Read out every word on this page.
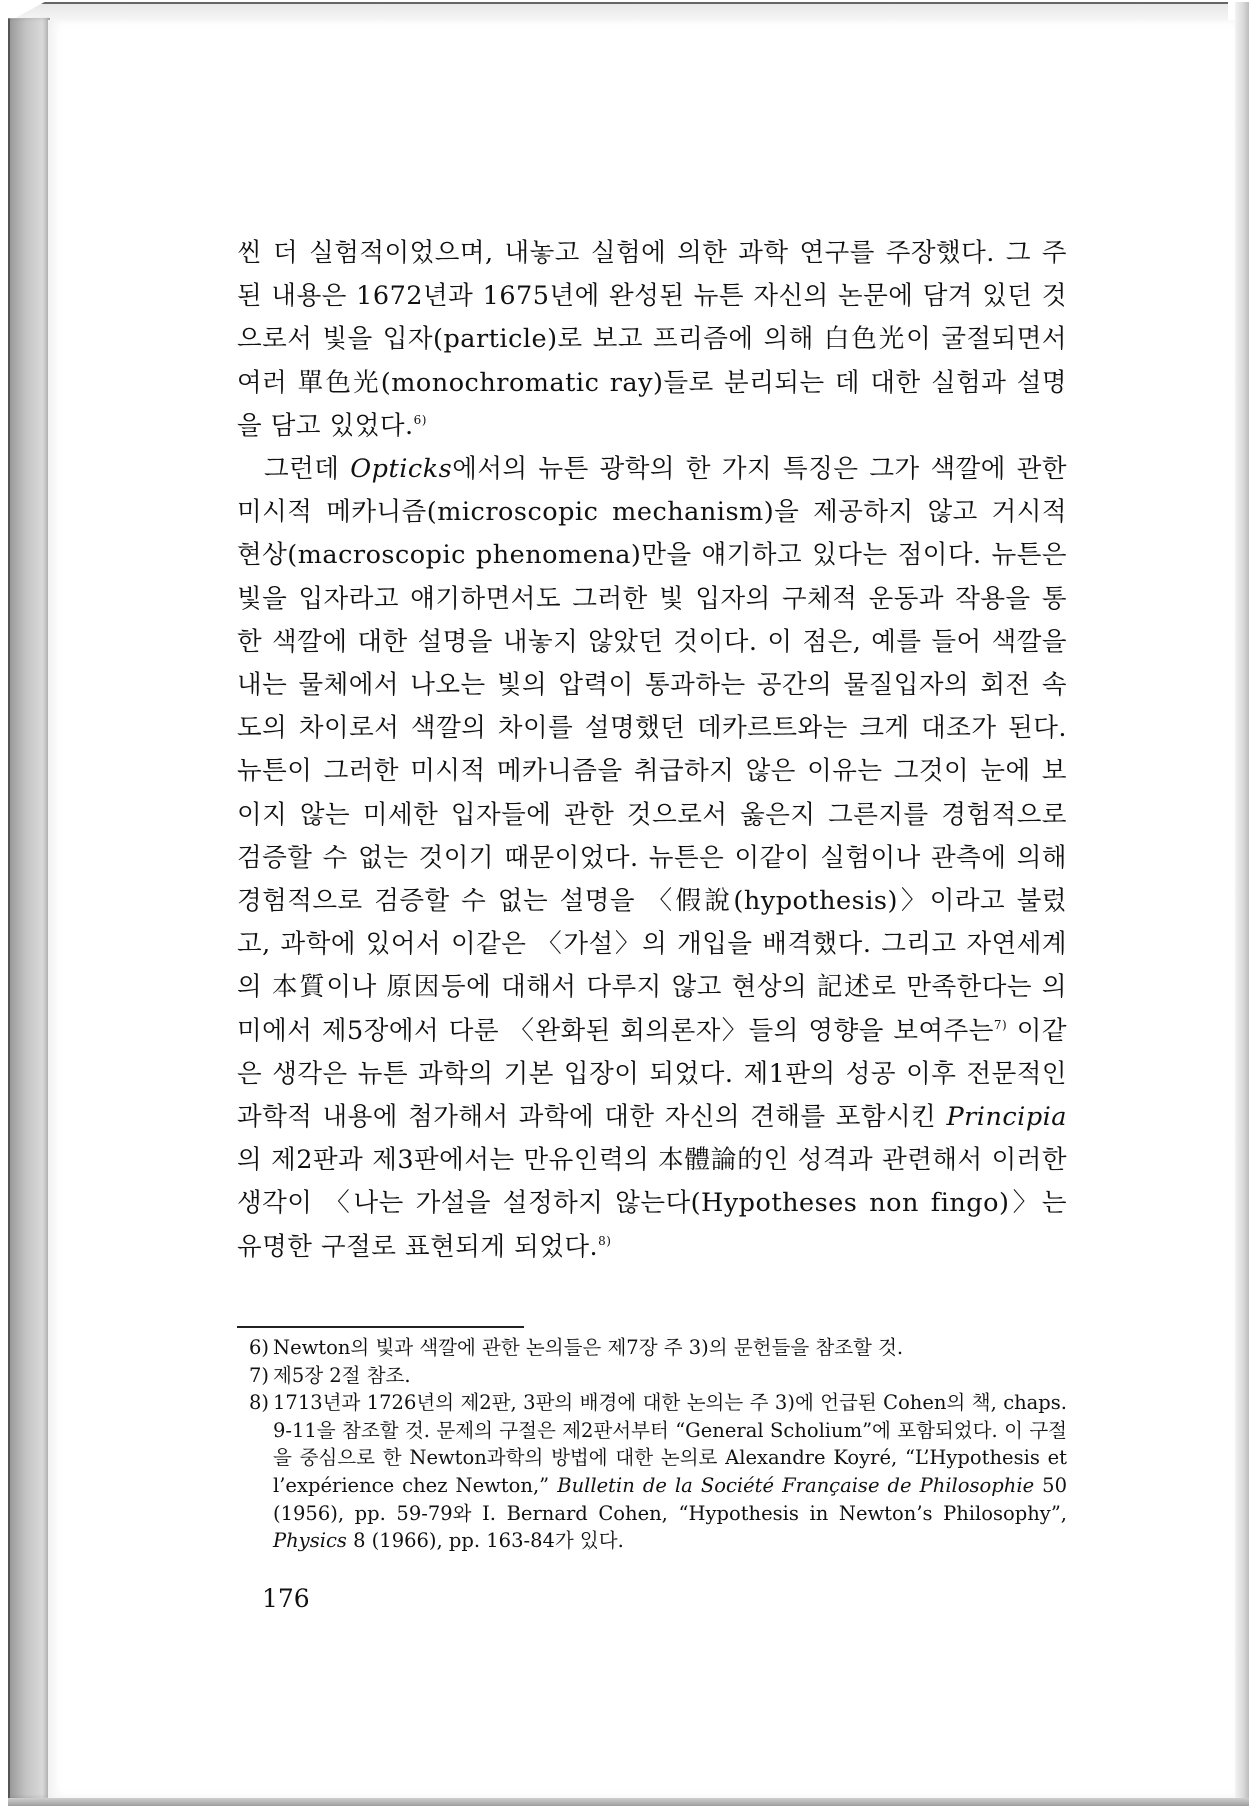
씬 더 실험적이었으며, 내놓고 실험에 의한 과학 연구를 주장했다. 그 주된 내용은 1672년과 1675년에 완성된 뉴튼 자신의 논문에 담겨 있던 것으로서 빛을 입자(particle)로 보고 프리즘에 의해 白色光이 굴절되면서 여러 單色光(monochromatic ray)들로 분리되는 데 대한 실험과 설명을 담고 있었다.$^{6)}$

그런데 Opticks에서의 뉴튼 광학의 한 가지 특징은 그가 색깔에 관한 미시적 메카니즘(microscopic mechanism)을 제공하지 않고 거시적 현상(macroscopic phenomena)만을 얘기하고 있다는 점이다. 뉴튼은 빛을 입자라고 얘기하면서도 그러한 빛 입자의 구체적 운동과 작용을 통한 색깔에 대한 설명을 내놓지 않았던 것이다. 이 점은, 예를 들어 색깔을 내는 물체에서 나오는 빛의 압력이 통과하는 공간의 물질입자의 회전 속도의 차이로서 색깔의 차이를 설명했던 데카르트와는 크게 대조가 된다. 뉴튼이 그러한 미시적 메카니즘을 취급하지 않은 이유는 그것이 눈에 보이지 않는 미세한 입자들에 관한 것으로서 옳은지 그른지를 경험적으로 검증할 수 없는 것이기 때문이었다. 뉴튼은 이같이 실험이나 관측에 의해 경험적으로 검증할 수 없는 설명을 〈假說(hypothesis)〉이라고 불렀고, 과학에 있어서 이같은 〈가설〉의 개입을 배격했다. 그리고 자연세계의 本質이나 原因등에 대해서 다루지 않고 현상의 記述로 만족한다는 의미에서 제5장에서 다룬 〈완화된 회의론자〉들의 영향을 보여주는$^{7)}$ 이같은 생각은 뉴튼 과학의 기본 입장이 되었다. 제1판의 성공 이후 전문적인 과학적 내용에 첨가해서 과학에 대한 자신의 견해를 포함시킨 Principia의 제2판과 제3판에서는 만유인력의 本體論的인 성격과 관련해서 이러한 생각이 〈나는 가설을 설정하지 않는다(Hypotheses non fingo)〉는 유명한 구절로 표현되게 되었다.$^{8)}$

6) Newton의 빛과 색깔에 관한 논의들은 제7장 주 3)의 문헌들을 참조할 것.
7) 제5장 2절 참조.
8) 1713년과 1726년의 제2판, 3판의 배경에 대한 논의는 주 3)에 언급된 Cohen의 책, chaps. 9-11을 참조할 것. 문제의 구절은 제2판서부터 “General Scholium”에 포함되었다. 이 구절을 중심으로 한 Newton과학의 방법에 대한 논의로 Alexandre Koyré, “L’Hypothesis et l’expérience chez Newton,” Bulletin de la Société Française de Philosophie 50 (1956), pp. 59-79와 I. Bernard Cohen, “Hypothesis in Newton’s Philosophy”, Physics 8 (1966), pp. 163-84가 있다.
176
